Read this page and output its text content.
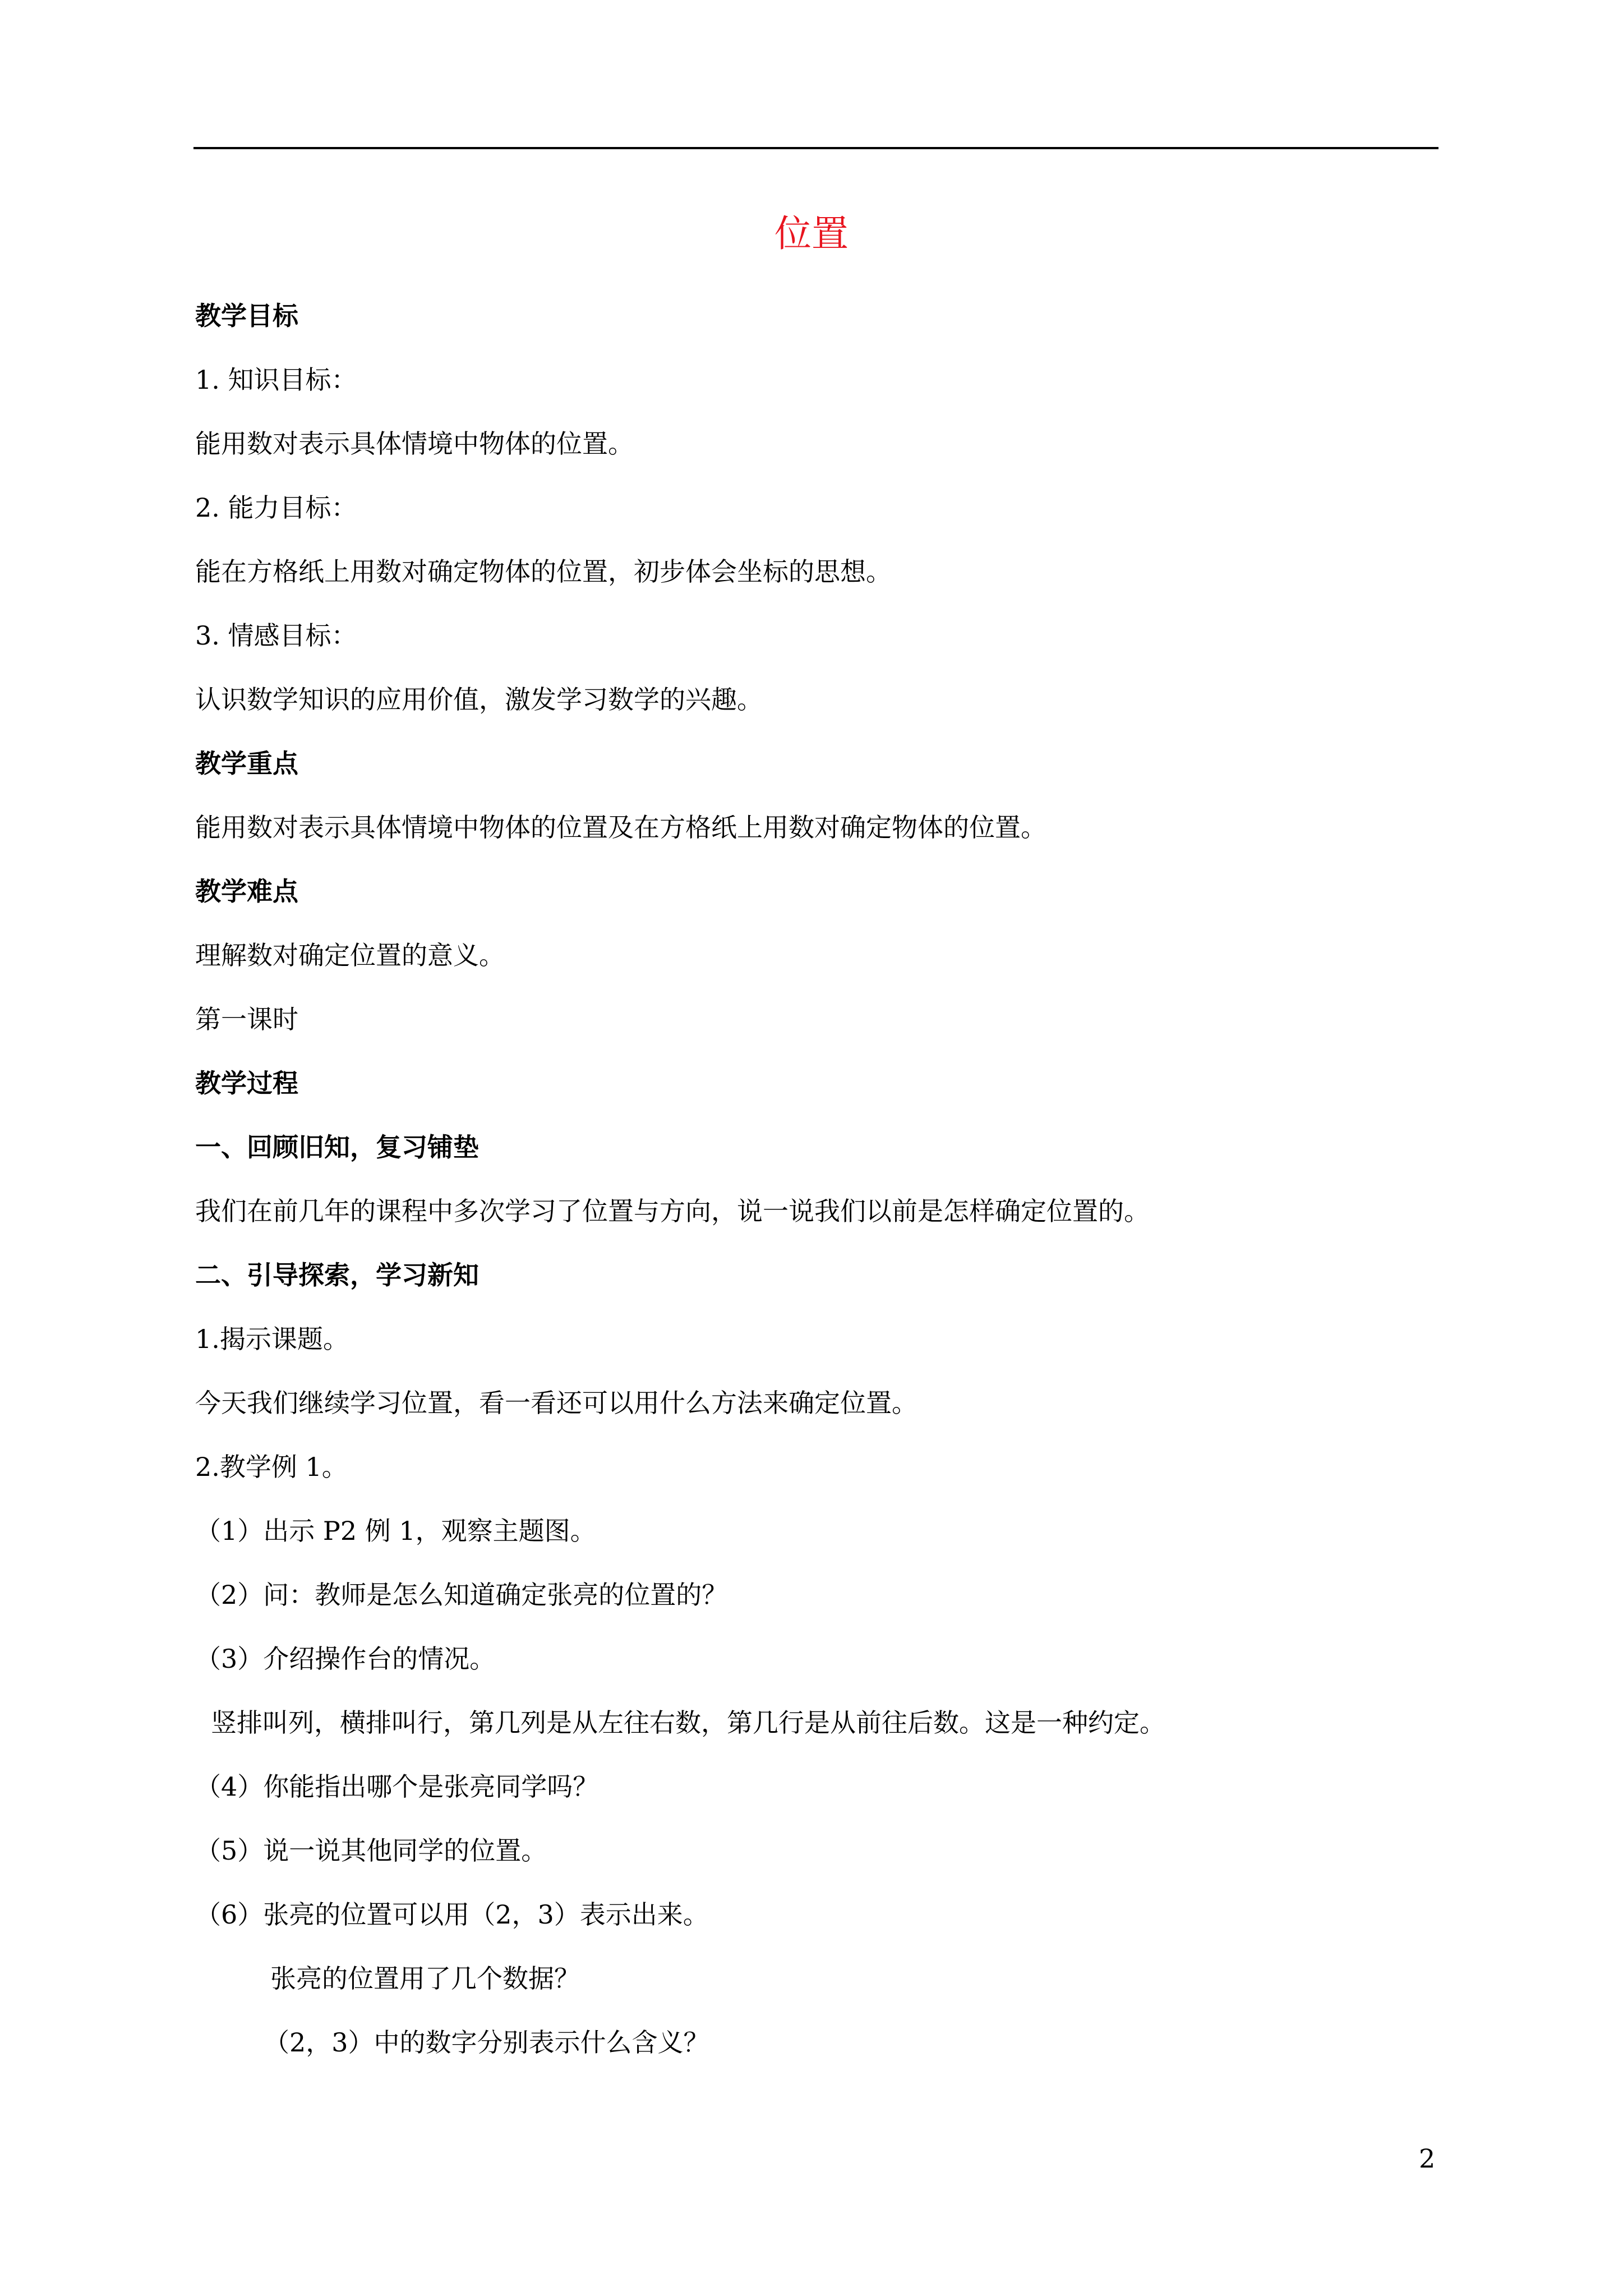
位置
教学目标
1. 知识目标：
能用数对表示具体情境中物体的位置。
2. 能力目标：
能在方格纸上用数对确定物体的位置，初步体会坐标的思想。
3. 情感目标：
认识数学知识的应用价值，激发学习数学的兴趣。
教学重点
能用数对表示具体情境中物体的位置及在方格纸上用数对确定物体的位置。
教学难点
理解数对确定位置的意义。
第一课时
教学过程
一、回顾旧知，复习铺垫
我们在前几年的课程中多次学习了位置与方向，说一说我们以前是怎样确定位置的。
二、引导探索，学习新知
1.揭示课题。
今天我们继续学习位置，看一看还可以用什么方法来确定位置。
2.教学例 1。
（1）出示 P2 例 1，观察主题图。
（2）问：教师是怎么知道确定张亮的位置的？
（3）介绍操作台的情况。
竖排叫列，横排叫行，第几列是从左往右数，第几行是从前往后数。这是一种约定。
（4）你能指出哪个是张亮同学吗？
（5）说一说其他同学的位置。
（6）张亮的位置可以用（2，3）表示出来。
张亮的位置用了几个数据？
（2，3）中的数字分别表示什么含义？
2
